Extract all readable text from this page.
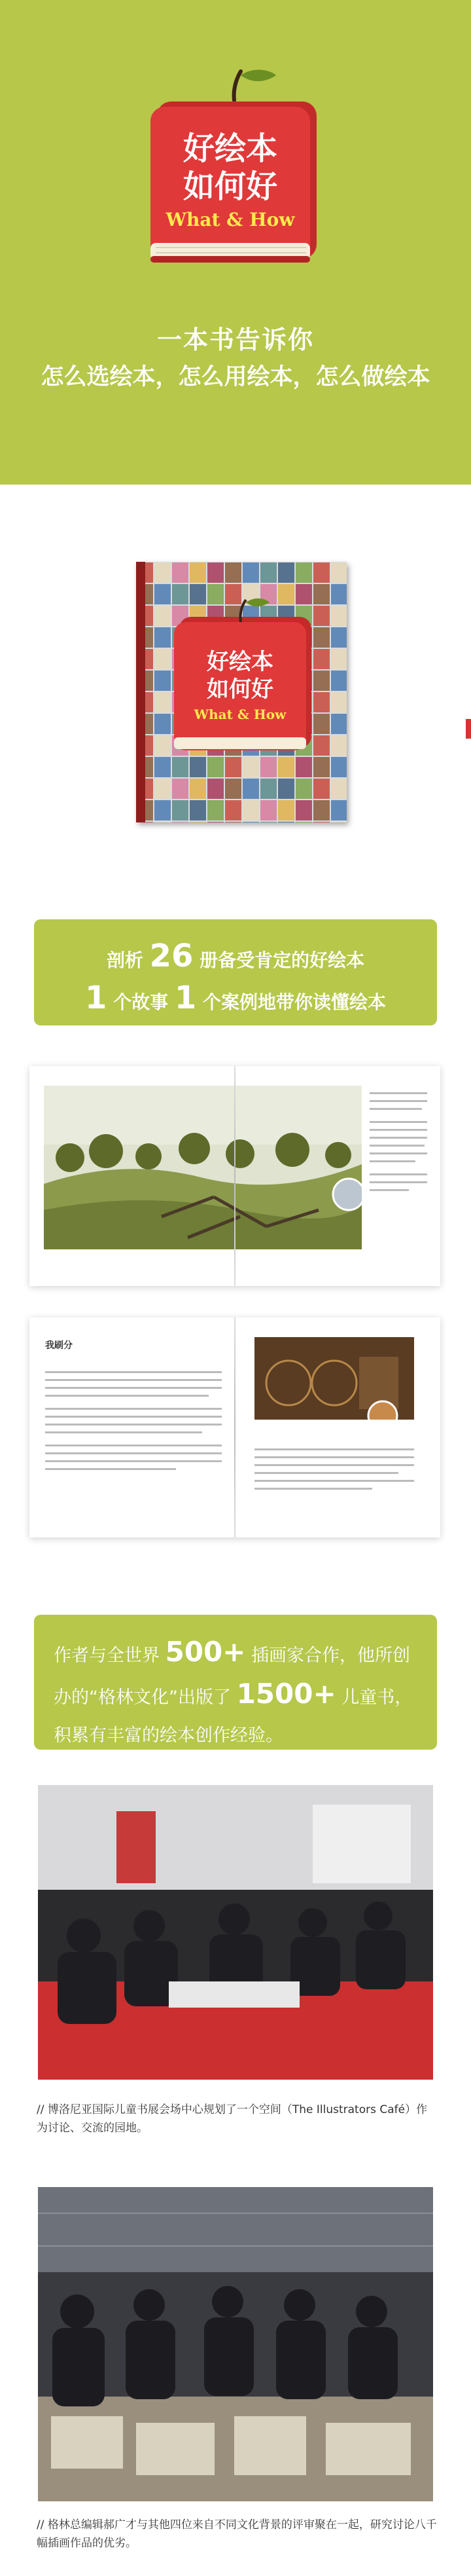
好绘本
如何好
What & How
一本书告诉你
怎么选绘本，怎么用绘本，怎么做绘本
好绘本
如何好
What & How
剖析 26 册备受肯定的好绘本
1 个故事 1 个案例地带你读懂绘本
我刷分
作者与全世界 500+ 插画家合作，他所创办的“格林文化”出版了 1500+ 儿童书，积累有丰富的绘本创作经验。
// 博洛尼亚国际儿童书展会场中心规划了一个空间（The Illustrators Café）作为讨论、交流的园地。
// 格林总编辑郝广才与其他四位来自不同文化背景的评审聚在一起，研究讨论八千幅插画作品的优劣。
